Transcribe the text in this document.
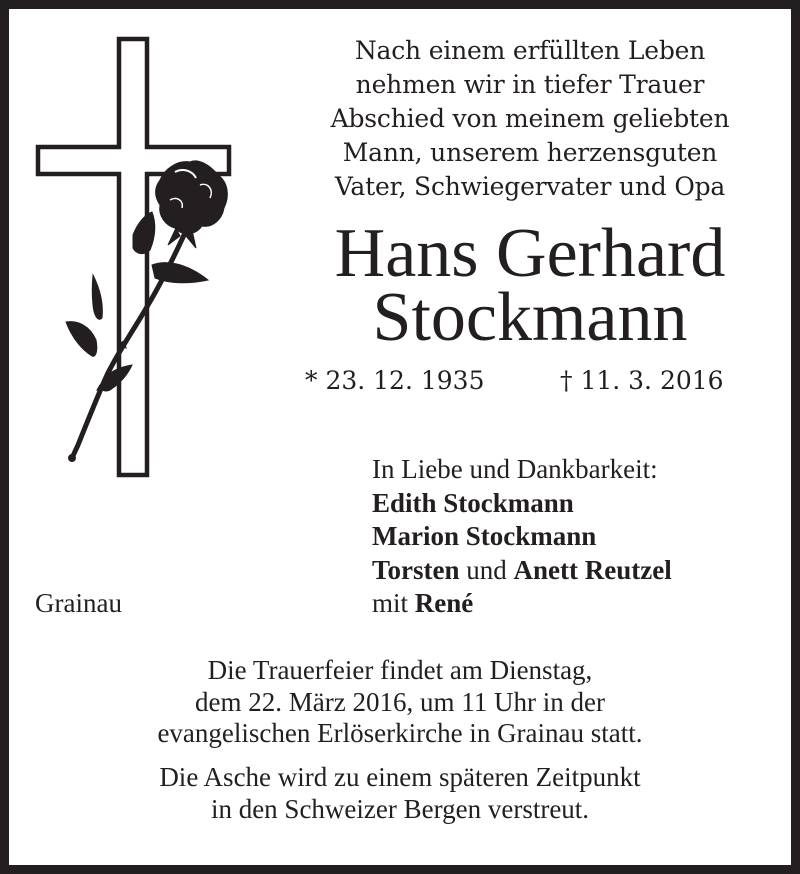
Nach einem erfüllten Leben
nehmen wir in tiefer Trauer
Abschied von meinem geliebten
Mann, unserem herzensguten
Vater, Schwiegervater und Opa
Hans Gerhard
Stockmann
* 23. 12. 1935	† 11. 3. 2016
In Liebe und Dankbarkeit:
Edith Stockmann
Marion Stockmann
Torsten und Anett Reutzel
mit René
Grainau
Die Trauerfeier findet am Dienstag,
dem 22. März 2016, um 11 Uhr in der
evangelischen Erlöserkirche in Grainau statt.
Die Asche wird zu einem späteren Zeitpunkt
in den Schweizer Bergen verstreut.
